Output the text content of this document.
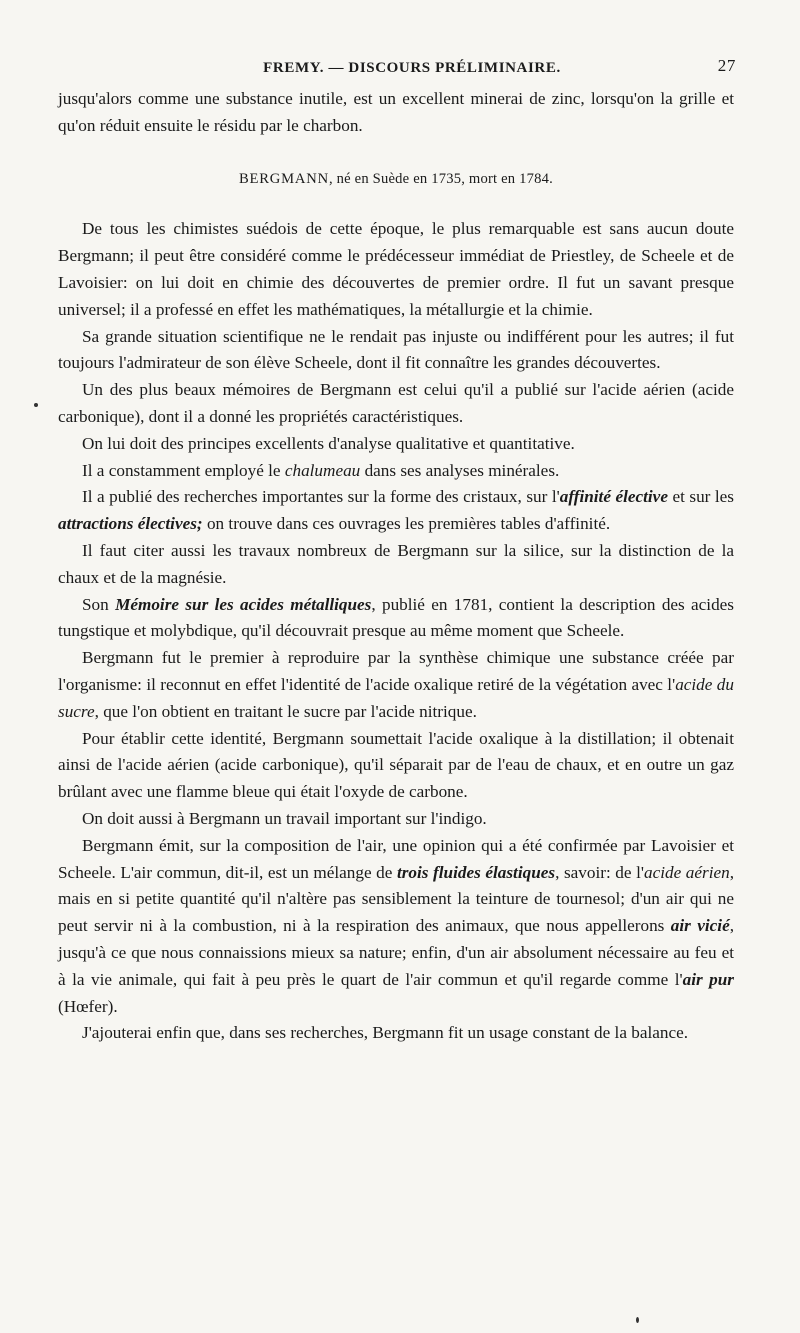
FREMY. — DISCOURS PRÉLIMINAIRE.	27

jusqu'alors comme une substance inutile, est un excellent minerai de zinc, lorsqu'on la grille et qu'on réduit ensuite le résidu par le charbon.

BERGMANN, né en Suède en 1735, mort en 1784.

De tous les chimistes suédois de cette époque, le plus remarquable est sans aucun doute Bergmann; il peut être considéré comme le prédécesseur immédiat de Priestley, de Scheele et de Lavoisier: on lui doit en chimie des découvertes de premier ordre. Il fut un savant presque universel; il a professé en effet les mathématiques, la métallurgie et la chimie.

Sa grande situation scientifique ne le rendait pas injuste ou indifférent pour les autres; il fut toujours l'admirateur de son élève Scheele, dont il fit connaître les grandes découvertes.

Un des plus beaux mémoires de Bergmann est celui qu'il a publié sur l'acide aérien (acide carbonique), dont il a donné les propriétés caractéristiques.

On lui doit des principes excellents d'analyse qualitative et quantitative.

Il a constamment employé le chalumeau dans ses analyses minérales.

Il a publié des recherches importantes sur la forme des cristaux, sur l'affinité élective et sur les attractions électives; on trouve dans ces ouvrages les premières tables d'affinité.

Il faut citer aussi les travaux nombreux de Bergmann sur la silice, sur la distinction de la chaux et de la magnésie.

Son Mémoire sur les acides métalliques, publié en 1781, contient la description des acides tungstique et molybdique, qu'il découvrait presque au même moment que Scheele.

Bergmann fut le premier à reproduire par la synthèse chimique une substance créée par l'organisme: il reconnut en effet l'identité de l'acide oxalique retiré de la végétation avec l'acide du sucre, que l'on obtient en traitant le sucre par l'acide nitrique.

Pour établir cette identité, Bergmann soumettait l'acide oxalique à la distillation; il obtenait ainsi de l'acide aérien (acide carbonique), qu'il séparait par de l'eau de chaux, et en outre un gaz brûlant avec une flamme bleue qui était l'oxyde de carbone.

On doit aussi à Bergmann un travail important sur l'indigo.

Bergmann émit, sur la composition de l'air, une opinion qui a été confirmée par Lavoisier et Scheele. L'air commun, dit-il, est un mélange de trois fluides élastiques, savoir: de l'acide aérien, mais en si petite quantité qu'il n'altère pas sensiblement la teinture de tournesol; d'un air qui ne peut servir ni à la combustion, ni à la respiration des animaux, que nous appellerons air vicié, jusqu'à ce que nous connaissions mieux sa nature; enfin, d'un air absolument nécessaire au feu et à la vie animale, qui fait à peu près le quart de l'air commun et qu'il regarde comme l'air pur (Hœfer).

J'ajouterai enfin que, dans ses recherches, Bergmann fit un usage constant de la balance.
